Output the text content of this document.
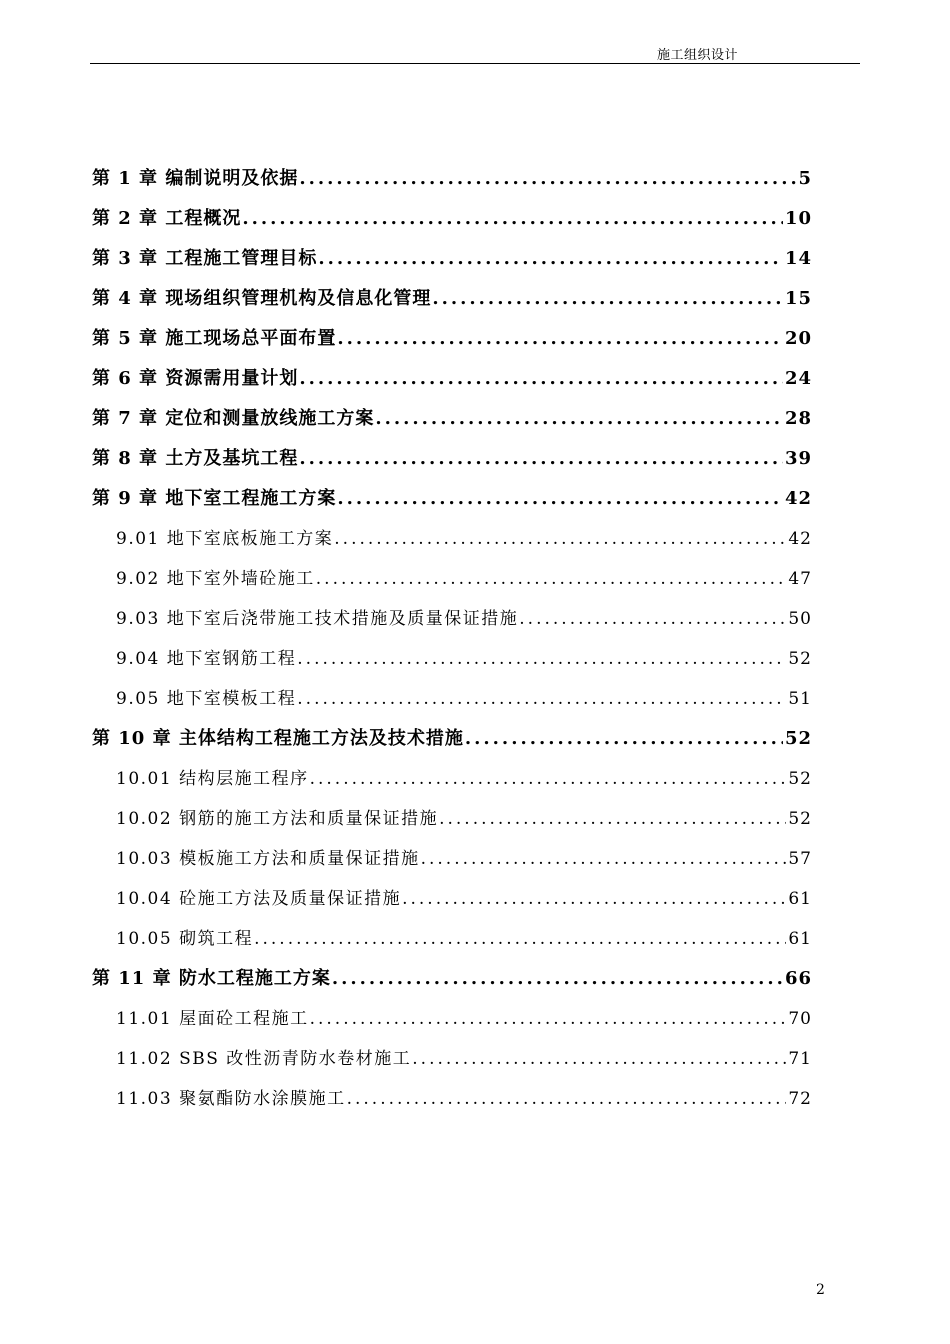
施工组织设计
第 1 章 编制说明及依据 .....	5
第 2 章 工程概况 .....	10
第 3 章 工程施工管理目标 .....	14
第 4 章 现场组织管理机构及信息化管理 .....	15
第 5 章 施工现场总平面布置 .....	20
第 6 章 资源需用量计划 .....	24
第 7 章 定位和测量放线施工方案 .....	28
第 8 章 土方及基坑工程 .....	39
第 9 章 地下室工程施工方案 .....	42
9.01 地下室底板施工方案 .....	42
9.02 地下室外墙砼施工 .....	47
9.03 地下室后浇带施工技术措施及质量保证措施 .....	50
9.04 地下室钢筋工程 .....	52
9.05 地下室模板工程 .....	51
第 10 章 主体结构工程施工方法及技术措施 .....	52
10.01 结构层施工程序 .....	52
10.02 钢筋的施工方法和质量保证措施 .....	52
10.03 模板施工方法和质量保证措施 .....	57
10.04 砼施工方法及质量保证措施 .....	61
10.05 砌筑工程 .....	61
第 11 章 防水工程施工方案 .....	66
11.01 屋面砼工程施工 .....	70
11.02 SBS 改性沥青防水卷材施工 .....	71
11.03 聚氨酯防水涂膜施工 .....	72
2
